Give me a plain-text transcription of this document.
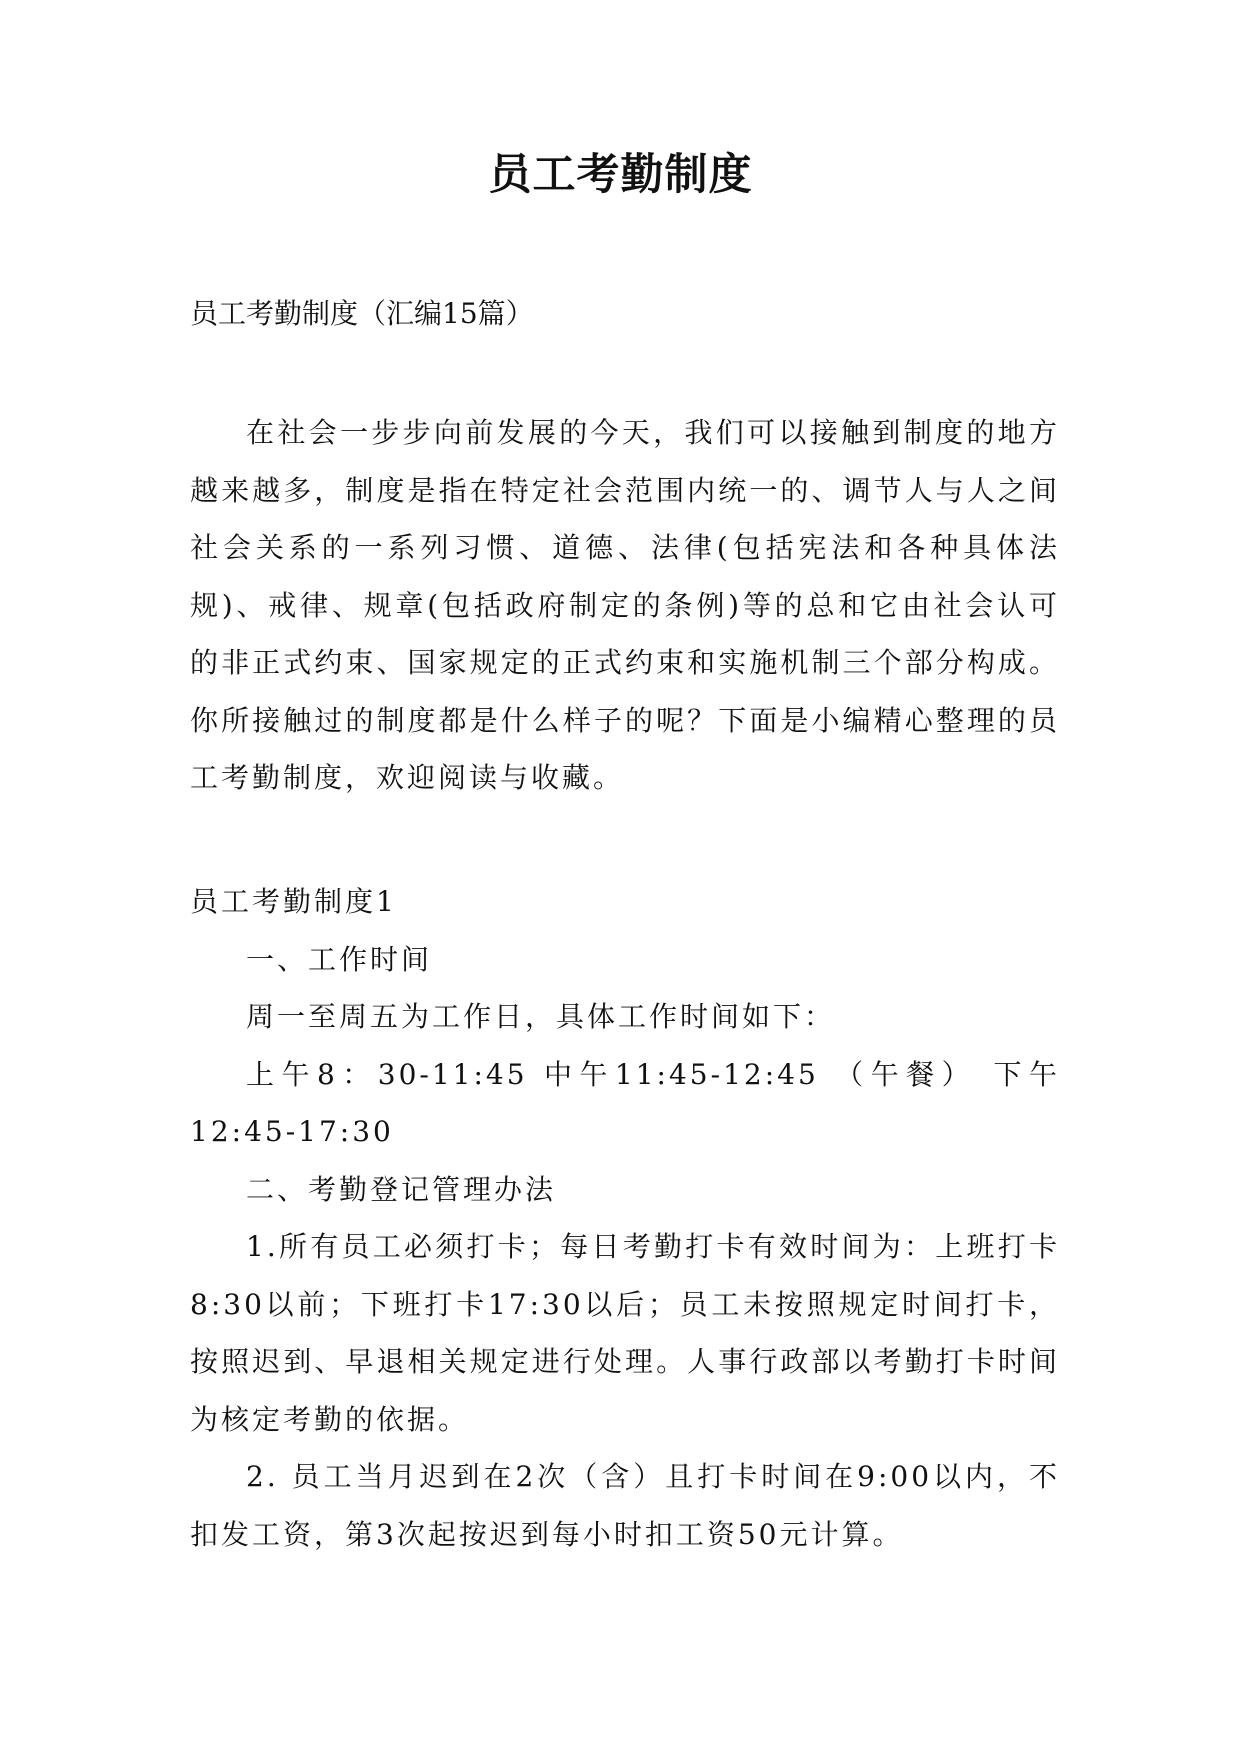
员工考勤制度
员工考勤制度（汇编15篇）

在社会一步步向前发展的今天，我们可以接触到制度的地方越来越多，制度是指在特定社会范围内统一的、调节人与人之间社会关系的一系列习惯、道德、法律(包括宪法和各种具体法规)、戒律、规章(包括政府制定的条例)等的总和它由社会认可的非正式约束、国家规定的正式约束和实施机制三个部分构成。你所接触过的制度都是什么样子的呢？下面是小编精心整理的员工考勤制度，欢迎阅读与收藏。

员工考勤制度1

一、工作时间

周一至周五为工作日，具体工作时间如下：

上午8：30-11:45 中午11:45-12:45 （午餐） 下午12:45-17:30

二、考勤登记管理办法

1.所有员工必须打卡；每日考勤打卡有效时间为：上班打卡8:30以前；下班打卡17:30以后；员工未按照规定时间打卡，按照迟到、早退相关规定进行处理。人事行政部以考勤打卡时间为核定考勤的依据。

2. 员工当月迟到在2次（含）且打卡时间在9:00以内，不扣发工资，第3次起按迟到每小时扣工资50元计算。
